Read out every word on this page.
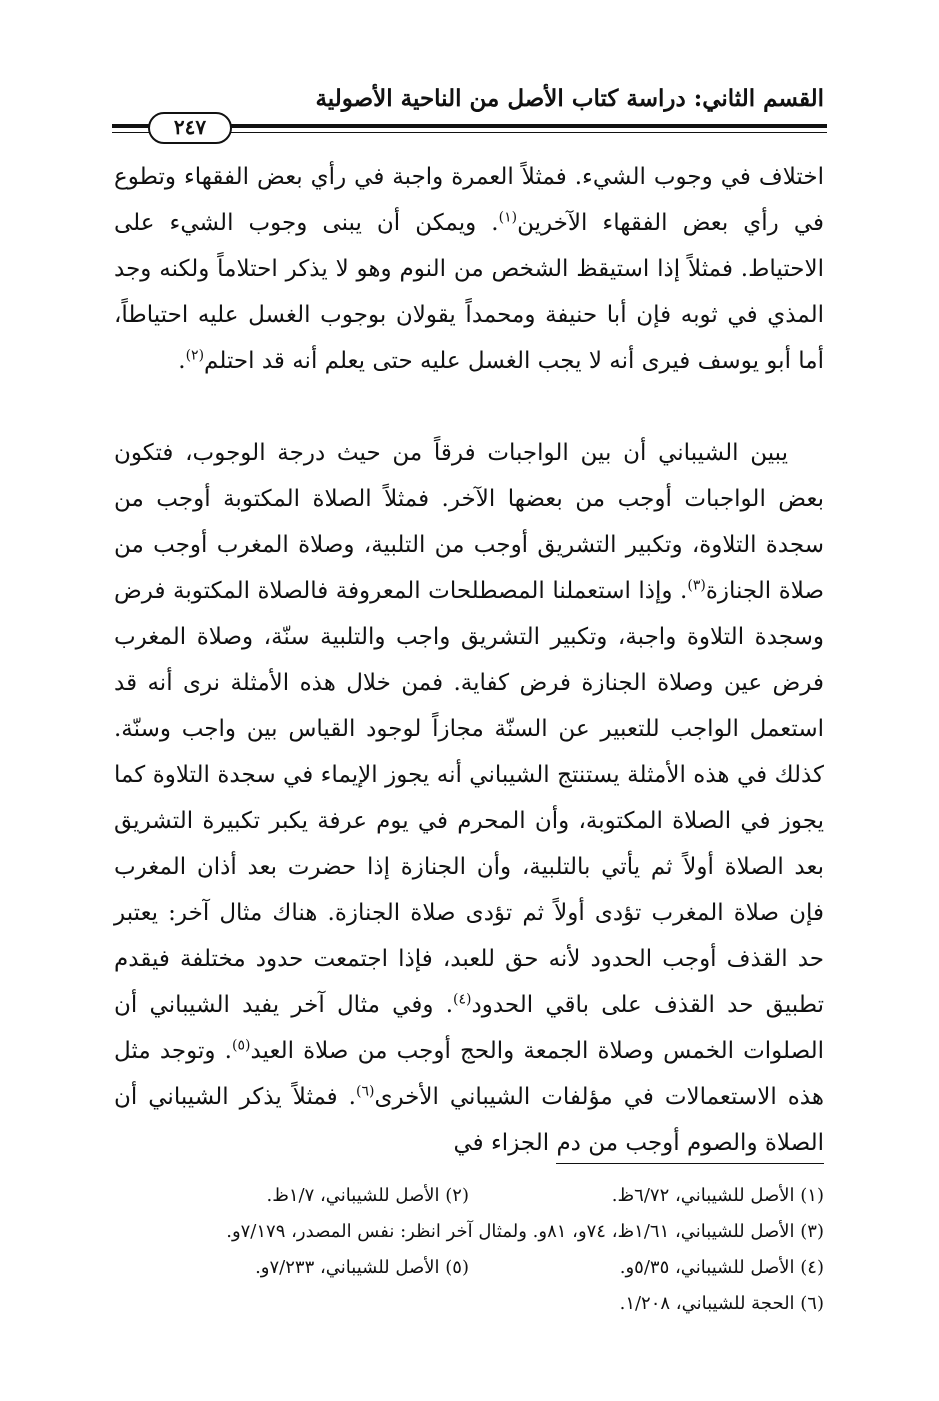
القسم الثاني: دراسة كتاب الأصل من الناحية الأصولية
٢٤٧

اختلاف في وجوب الشيء. فمثلاً العمرة واجبة في رأي بعض الفقهاء وتطوع في رأي بعض الفقهاء الآخرين$^{(١)}$. ويمكن أن يبنى وجوب الشيء على الاحتياط. فمثلاً إذا استيقظ الشخص من النوم وهو لا يذكر احتلاماً ولكنه وجد المذي في ثوبه فإن أبا حنيفة ومحمداً يقولان بوجوب الغسل عليه احتياطاً، أما أبو يوسف فيرى أنه لا يجب الغسل عليه حتى يعلم أنه قد احتلم$^{(٢)}$.

يبين الشيباني أن بين الواجبات فرقاً من حيث درجة الوجوب، فتكون بعض الواجبات أوجب من بعضها الآخر. فمثلاً الصلاة المكتوبة أوجب من سجدة التلاوة، وتكبير التشريق أوجب من التلبية، وصلاة المغرب أوجب من صلاة الجنازة$^{(٣)}$. وإذا استعملنا المصطلحات المعروفة فالصلاة المكتوبة فرض وسجدة التلاوة واجبة، وتكبير التشريق واجب والتلبية سنّة، وصلاة المغرب فرض عين وصلاة الجنازة فرض كفاية. فمن خلال هذه الأمثلة نرى أنه قد استعمل الواجب للتعبير عن السنّة مجازاً لوجود القياس بين واجب وسنّة. كذلك في هذه الأمثلة يستنتج الشيباني أنه يجوز الإيماء في سجدة التلاوة كما يجوز في الصلاة المكتوبة، وأن المحرم في يوم عرفة يكبر تكبيرة التشريق بعد الصلاة أولاً ثم يأتي بالتلبية، وأن الجنازة إذا حضرت بعد أذان المغرب فإن صلاة المغرب تؤدى أولاً ثم تؤدى صلاة الجنازة. هناك مثال آخر: يعتبر حد القذف أوجب الحدود لأنه حق للعبد، فإذا اجتمعت حدود مختلفة فيقدم تطبيق حد القذف على باقي الحدود$^{(٤)}$. وفي مثال آخر يفيد الشيباني أن الصلوات الخمس وصلاة الجمعة والحج أوجب من صلاة العيد$^{(٥)}$. وتوجد مثل هذه الاستعمالات في مؤلفات الشيباني الأخرى$^{(٦)}$. فمثلاً يذكر الشيباني أن الصلاة والصوم أوجب من دم الجزاء في

(١) الأصل للشيباني، ٦/٧٢ظ.
(٢) الأصل للشيباني، ١/٧ظ.
(٣) الأصل للشيباني، ١/٦١ظ، ٧٤و، ٨١و. ولمثال آخر انظر: نفس المصدر، ٧/١٧٩و.
(٤) الأصل للشيباني، ٥/٣٥و.
(٥) الأصل للشيباني، ٧/٢٣٣و.
(٦) الحجة للشيباني، ١/٢٠٨.
